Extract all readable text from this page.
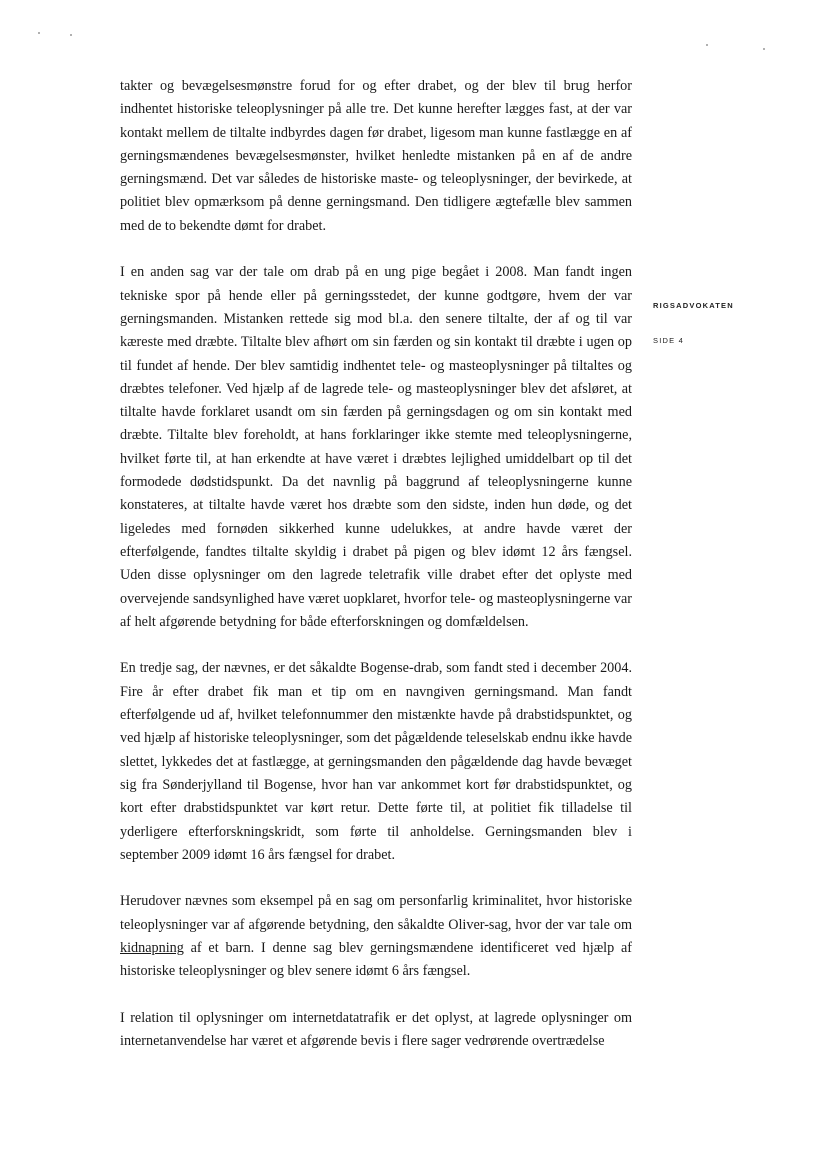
takter og bevægelsesmønstre forud for og efter drabet, og der blev til brug herfor indhentet historiske teleoplysninger på alle tre. Det kunne herefter lægges fast, at der var kontakt mellem de tiltalte indbyrdes dagen før drabet, ligesom man kunne fastlægge en af gerningsmændenes bevægelsesmønster, hvilket henledte mistanken på en af de andre gerningsmænd. Det var således de historiske maste- og teleoplysninger, der bevirkede, at politiet blev opmærksom på denne gerningsmand. Den tidligere ægtefælle blev sammen med de to bekendte dømt for drabet.

I en anden sag var der tale om drab på en ung pige begået i 2008. Man fandt ingen tekniske spor på hende eller på gerningsstedet, der kunne godtgøre, hvem der var gerningsmanden. Mistanken rettede sig mod bl.a. den senere tiltalte, der af og til var kæreste med dræbte. Tiltalte blev afhørt om sin færden og sin kontakt til dræbte i ugen op til fundet af hende. Der blev samtidig indhentet tele- og masteoplysninger på tiltaltes og dræbtes telefoner. Ved hjælp af de lagrede tele- og masteoplysninger blev det afsløret, at tiltalte havde forklaret usandt om sin færden på gerningsdagen og om sin kontakt med dræbte. Tiltalte blev foreholdt, at hans forklaringer ikke stemte med teleoplysningerne, hvilket førte til, at han erkendte at have været i dræbtes lejlighed umiddelbart op til det formodede dødstidspunkt. Da det navnlig på baggrund af teleoplysningerne kunne konstateres, at tiltalte havde været hos dræbte som den sidste, inden hun døde, og det ligeledes med fornøden sikkerhed kunne udelukkes, at andre havde været der efterfølgende, fandtes tiltalte skyldig i drabet på pigen og blev idømt 12 års fængsel. Uden disse oplysninger om den lagrede teletrafik ville drabet efter det oplyste med overvejende sandsynlighed have været uopklaret, hvorfor tele- og masteoplysningerne var af helt afgørende betydning for både efterforskningen og domfældelsen.

En tredje sag, der nævnes, er det såkaldte Bogense-drab, som fandt sted i december 2004. Fire år efter drabet fik man et tip om en navngiven gerningsmand. Man fandt efterfølgende ud af, hvilket telefonnummer den mistænkte havde på drabstidspunktet, og ved hjælp af historiske teleoplysninger, som det pågældende teleselskab endnu ikke havde slettet, lykkedes det at fastlægge, at gerningsmanden den pågældende dag havde bevæget sig fra Sønderjylland til Bogense, hvor han var ankommet kort før drabstidspunktet, og kort efter drabstidspunktet var kørt retur. Dette førte til, at politiet fik tilladelse til yderligere efterforskningskridt, som førte til anholdelse. Gerningsmanden blev i september 2009 idømt 16 års fængsel for drabet.

Herudover nævnes som eksempel på en sag om personfarlig kriminalitet, hvor historiske teleoplysninger var af afgørende betydning, den såkaldte Oliver-sag, hvor der var tale om kidnapning af et barn. I denne sag blev gerningsmændene identificeret ved hjælp af historiske teleoplysninger og blev senere idømt 6 års fængsel.

I relation til oplysninger om internetdatatrafik er det oplyst, at lagrede oplysninger om internetanvendelse har været et afgørende bevis i flere sager vedrørende overtrædelse

RIGSADVOKATEN
SIDE 4
